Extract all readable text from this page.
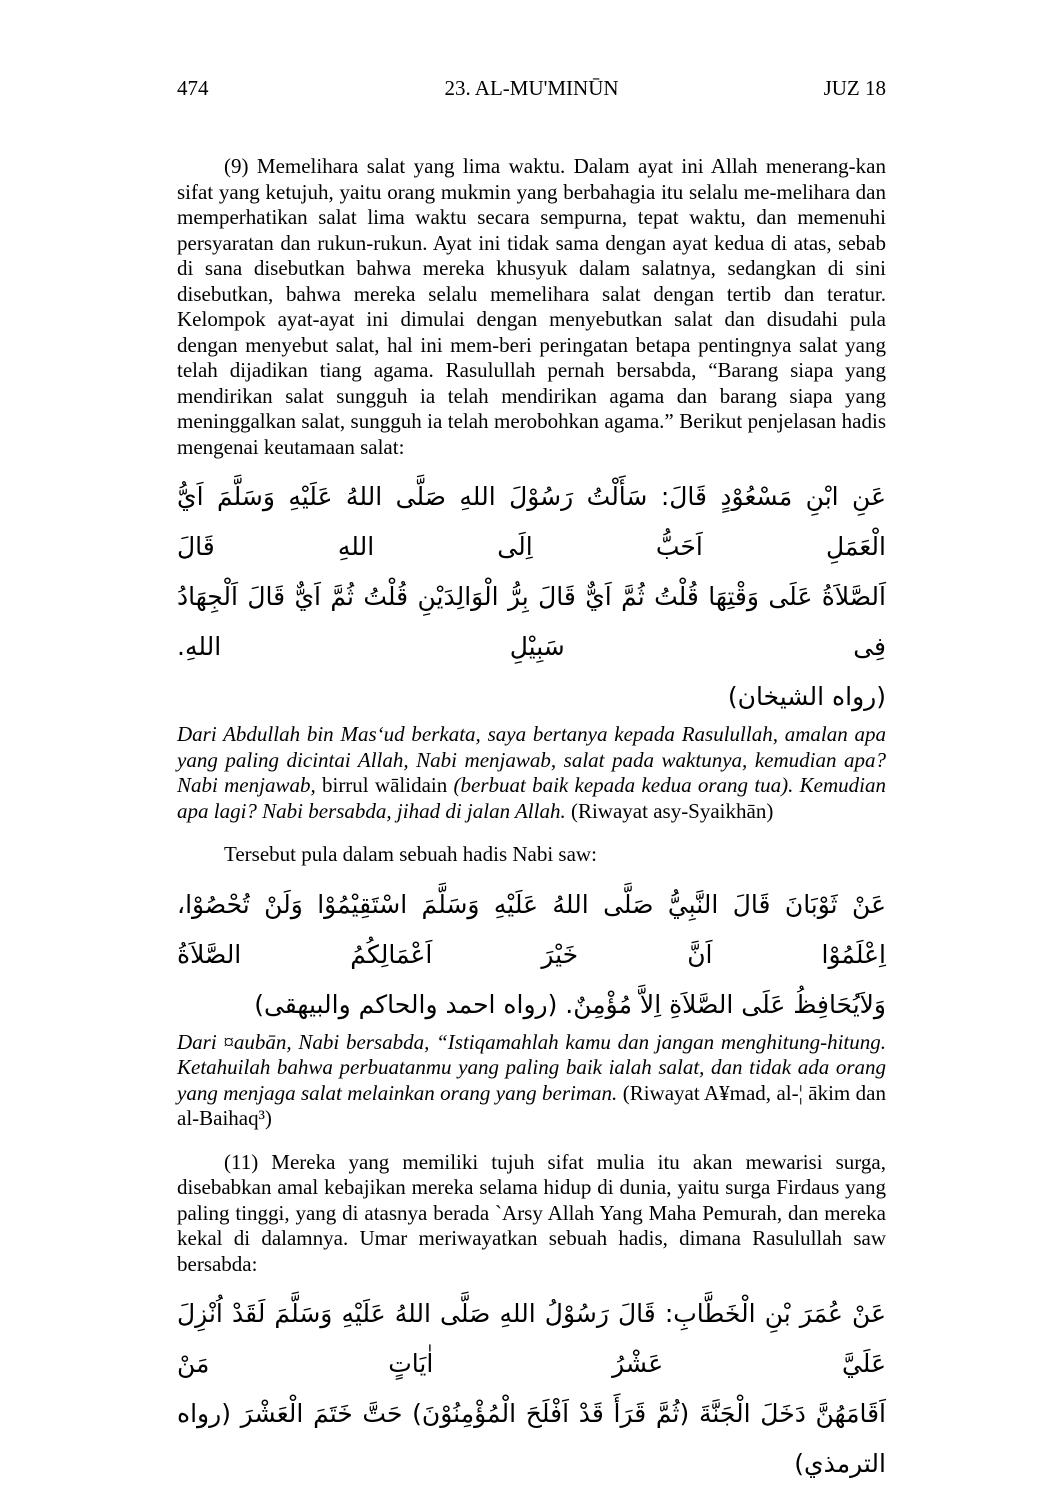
474	23. AL-MU'MINŪN	JUZ 18

(9) Memelihara salat yang lima waktu. Dalam ayat ini Allah menerang-kan sifat yang ketujuh, yaitu orang mukmin yang berbahagia itu selalu me-melihara dan memperhatikan salat lima waktu secara sempurna, tepat waktu, dan memenuhi persyaratan dan rukun-rukun. Ayat ini tidak sama dengan ayat kedua di atas, sebab di sana disebutkan bahwa mereka khusyuk dalam salatnya, sedangkan di sini disebutkan, bahwa mereka selalu memelihara salat dengan tertib dan teratur. Kelompok ayat-ayat ini dimulai dengan menyebutkan salat dan disudahi pula dengan menyebut salat, hal ini mem-beri peringatan betapa pentingnya salat yang telah dijadikan tiang agama. Rasulullah pernah bersabda, “Barang siapa yang mendirikan salat sungguh ia telah mendirikan agama dan barang siapa yang meninggalkan salat, sungguh ia telah merobohkan agama.” Berikut penjelasan hadis mengenai keutamaan salat:

عَنِ ابْنِ مَسْعُوْدٍ قَالَ: سَأَلْتُ رَسُوْلَ اللهِ صَلَّى اللهُ عَلَيْهِ وَسَلَّمَ اَيُّ الْعَمَلِ اَحَبُّ اِلَى اللهِ قَالَ
اَلصَّلاَةُ عَلَى وَقْتِهَا قُلْتُ ثُمَّ اَيٌّ قَالَ بِرُّ الْوَالِدَيْنِ قُلْتُ ثُمَّ اَيٌّ قَالَ اَلْجِهَادُ فِى سَبِيْلِ اللهِ.
(رواه الشيخان)

Dari Abdullah bin Mas‘ud berkata, saya bertanya kepada Rasulullah, amalan apa yang paling dicintai Allah, Nabi menjawab, salat pada waktunya, kemudian apa? Nabi menjawab, birrul wālidain (berbuat baik kepada kedua orang tua). Kemudian apa lagi? Nabi bersabda, jihad di jalan Allah. (Riwayat asy-Syaikhān)

Tersebut pula dalam sebuah hadis Nabi saw:

عَنْ ثَوْبَانَ قَالَ النَّبِيُّ صَلَّى اللهُ عَلَيْهِ وَسَلَّمَ اسْتَقِيْمُوْا وَلَنْ تُحْصُوْا، اِعْلَمُوْا اَنَّ خَيْرَ اَعْمَالِكُمُ الصَّلاَةُ
وَلاَيُحَافِظُ عَلَى الصَّلاَةِ اِلاَّ مُؤْمِنٌ. (رواه احمد والحاكم والبيهقى)

Dari ¤aubān, Nabi bersabda, “Istiqamahlah kamu dan jangan menghitung-hitung. Ketahuilah bahwa perbuatanmu yang paling baik ialah salat, dan tidak ada orang yang menjaga salat melainkan orang yang beriman. (Riwayat A¥mad, al-¦ ākim dan al-Baihaq³)

(11) Mereka yang memiliki tujuh sifat mulia itu akan mewarisi surga, disebabkan amal kebajikan mereka selama hidup di dunia, yaitu surga Firdaus yang paling tinggi, yang di atasnya berada `Arsy Allah Yang Maha Pemurah, dan mereka kekal di dalamnya. Umar meriwayatkan sebuah hadis, dimana Rasulullah saw bersabda:

عَنْ عُمَرَ بْنِ الْخَطَّابِ: قَالَ رَسُوْلُ اللهِ صَلَّى اللهُ عَلَيْهِ وَسَلَّمَ لَقَدْ اُنْزِلَ عَلَيَّ عَشْرُ اٰيَاتٍ مَنْ
اَقَامَهُنَّ دَخَلَ الْجَنَّةَ (ثُمَّ قَرَأَ قَدْ اَفْلَحَ الْمُؤْمِنُوْنَ) حَتَّ خَتَمَ الْعَشْرَ (رواه الترمذي)
